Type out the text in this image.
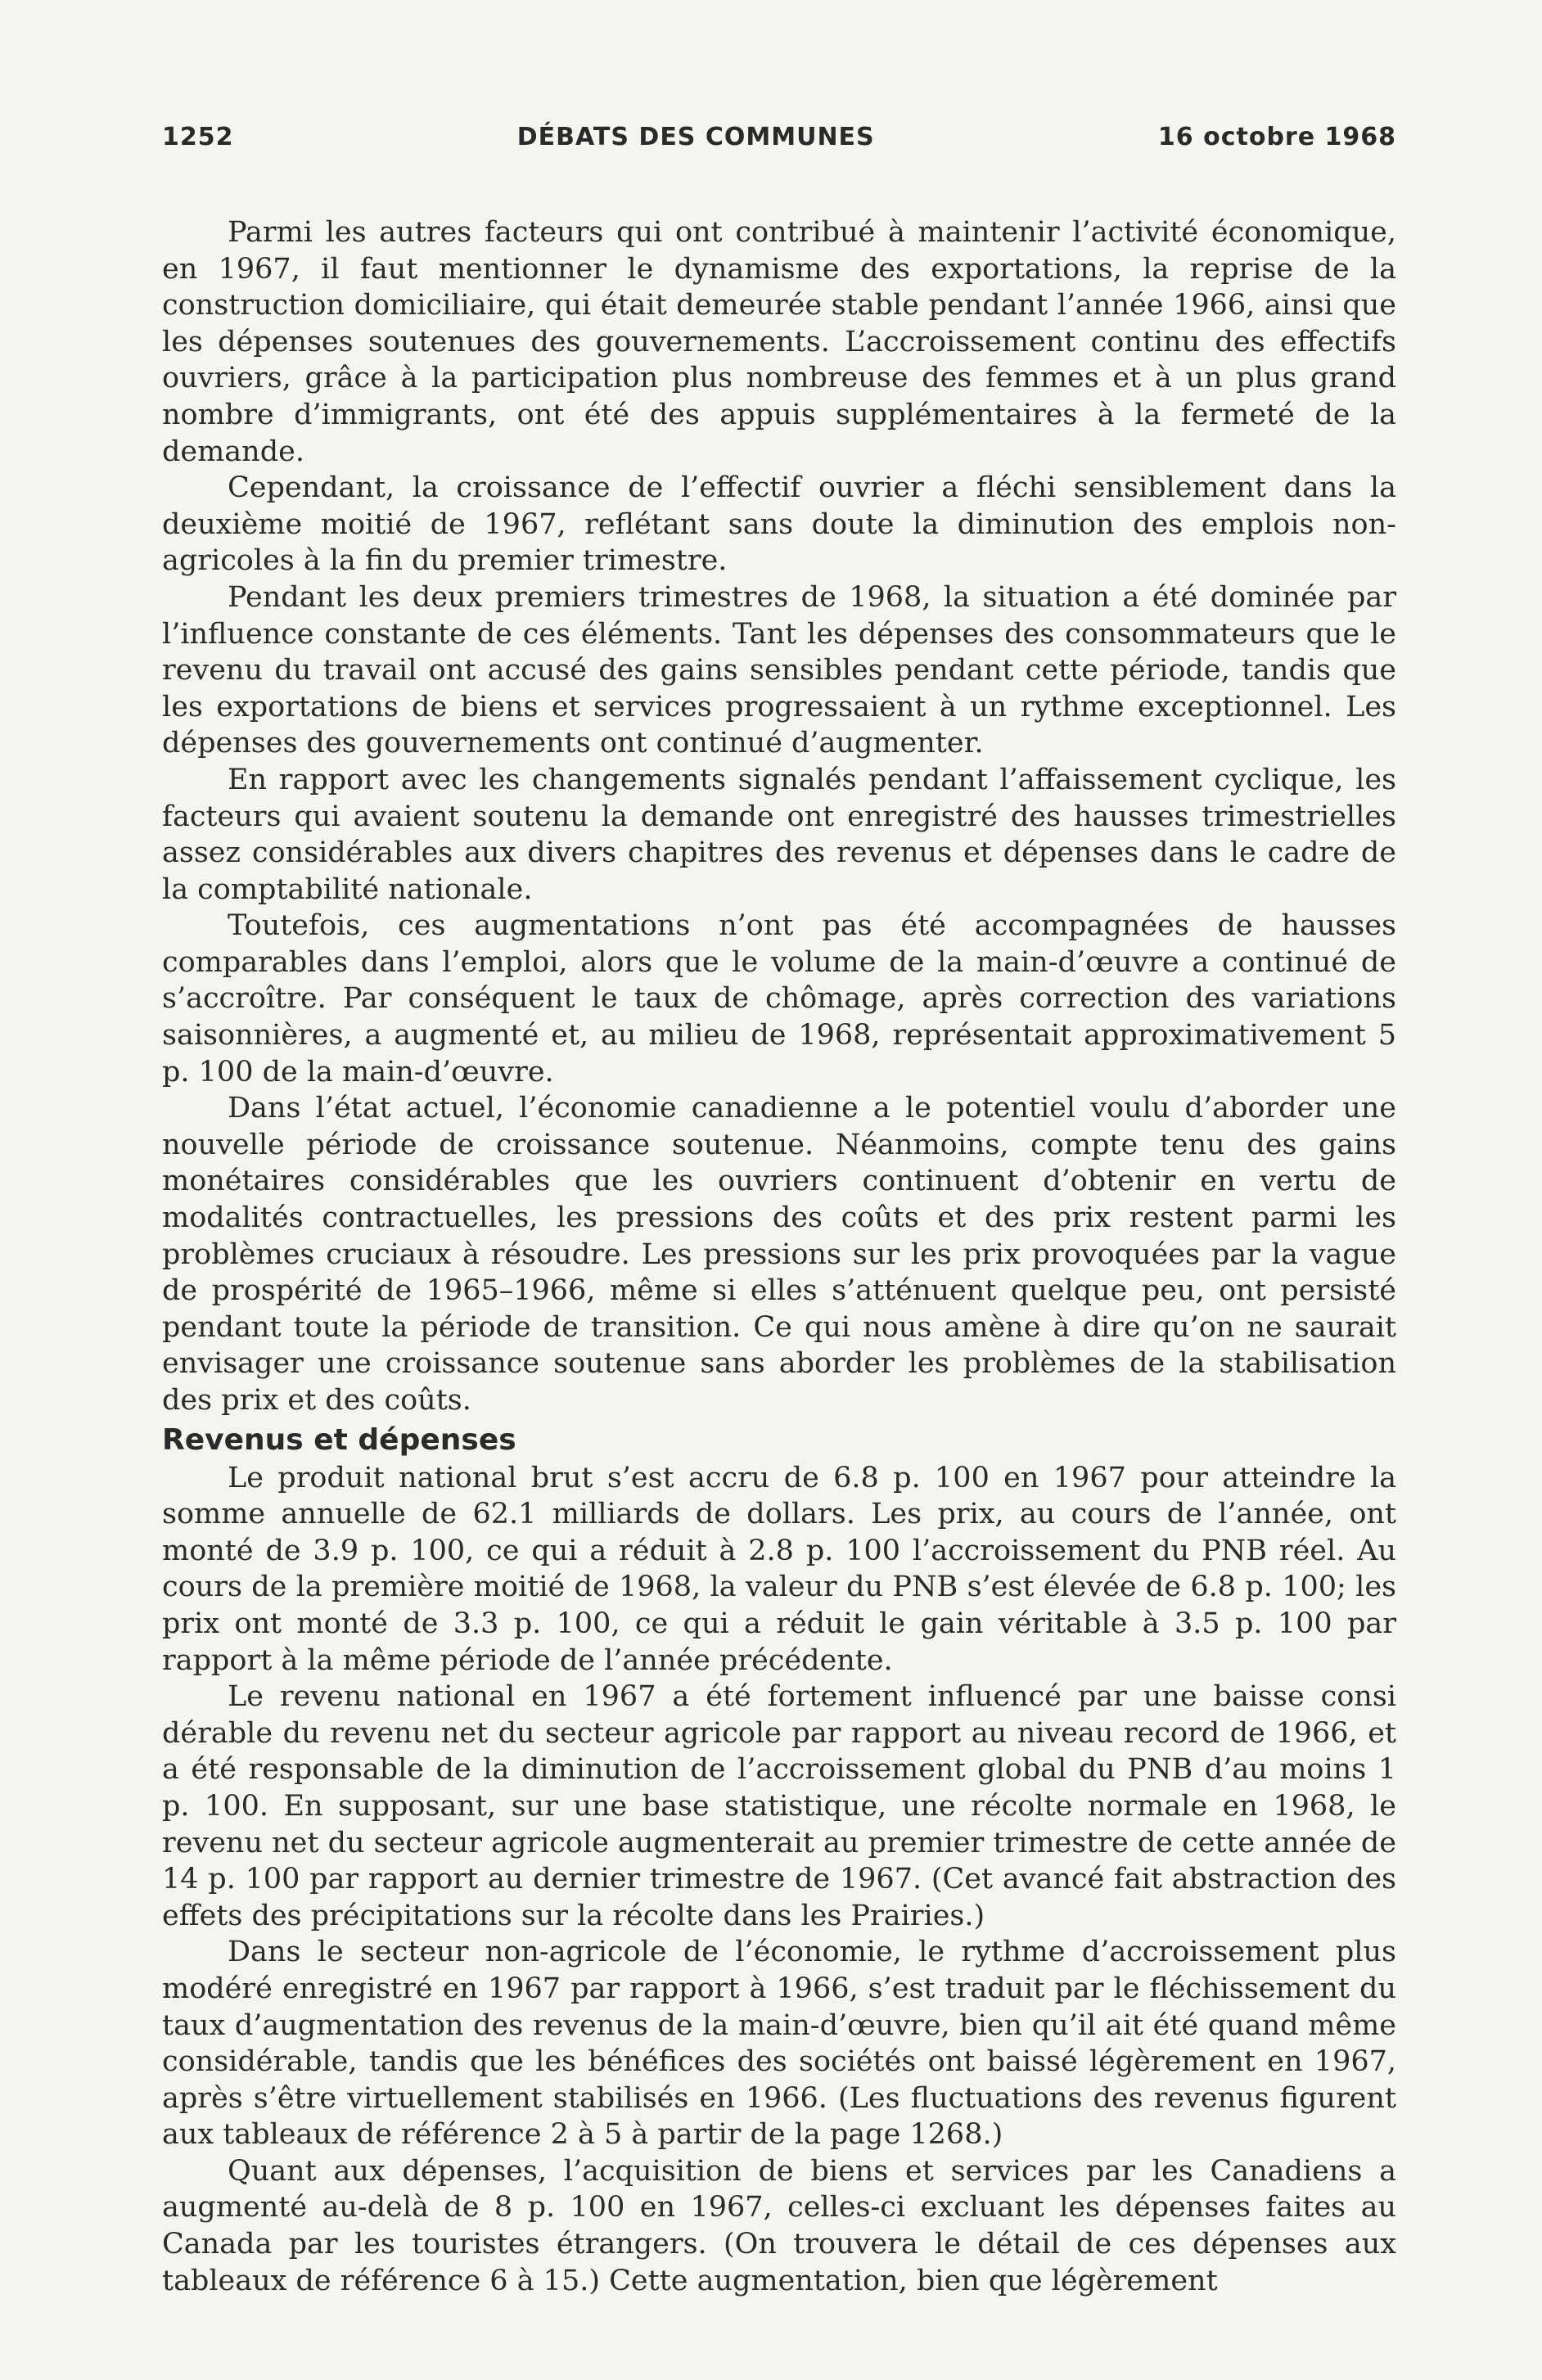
1252	DÉBATS DES COMMUNES	16 octobre 1968

Parmi les autres facteurs qui ont contribué à maintenir l’activité économique, en 1967, il faut mentionner le dynamisme des exportations, la reprise de la construction domiciliaire, qui était demeurée stable pendant l’année 1966, ainsi que les dépenses soutenues des gouvernements. L’accroissement continu des effectifs ouvriers, grâce à la participation plus nombreuse des femmes et à un plus grand nombre d’immigrants, ont été des appuis supplémentaires à la fermeté de la demande.

Cependant, la croissance de l’effectif ouvrier a fléchi sensiblement dans la deuxième moitié de 1967, reflétant sans doute la diminution des emplois non-agricoles à la fin du premier trimestre.

Pendant les deux premiers trimestres de 1968, la situation a été dominée par l’influence constante de ces éléments. Tant les dépenses des consommateurs que le revenu du travail ont accusé des gains sensibles pendant cette période, tandis que les exportations de biens et services progressaient à un rythme exceptionnel. Les dépenses des gouvernements ont continué d’augmenter.

En rapport avec les changements signalés pendant l’affaissement cyclique, les facteurs qui avaient soutenu la demande ont enregistré des hausses trimestrielles assez considérables aux divers chapitres des revenus et dépenses dans le cadre de la comptabilité nationale.

Toutefois, ces augmentations n’ont pas été accompagnées de hausses comparables dans l’emploi, alors que le volume de la main-d’œuvre a continué de s’accroître. Par conséquent le taux de chômage, après correction des variations saisonnières, a augmenté et, au milieu de 1968, représentait approximativement 5 p. 100 de la main-d’œuvre.

Dans l’état actuel, l’économie canadienne a le potentiel voulu d’aborder une nouvelle période de croissance soutenue. Néanmoins, compte tenu des gains monétaires considérables que les ouvriers continuent d’obtenir en vertu de modalités contractuelles, les pressions des coûts et des prix restent parmi les problèmes cruciaux à résoudre. Les pressions sur les prix provoquées par la vague de prospérité de 1965–1966, même si elles s’atténuent quelque peu, ont persisté pendant toute la période de transition. Ce qui nous amène à dire qu’on ne saurait envisager une croissance soutenue sans aborder les problèmes de la stabilisation des prix et des coûts.

Revenus et dépenses

Le produit national brut s’est accru de 6.8 p. 100 en 1967 pour atteindre la somme annuelle de 62.1 milliards de dollars. Les prix, au cours de l’année, ont monté de 3.9 p. 100, ce qui a réduit à 2.8 p. 100 l’accroissement du PNB réel. Au cours de la première moitié de 1968, la valeur du PNB s’est élevée de 6.8 p. 100; les prix ont monté de 3.3 p. 100, ce qui a réduit le gain véritable à 3.5 p. 100 par rapport à la même période de l’année précédente.

Le revenu national en 1967 a été fortement influencé par une baisse consi dérable du revenu net du secteur agricole par rapport au niveau record de 1966, et a été responsable de la diminution de l’accroissement global du PNB d’au moins 1 p. 100. En supposant, sur une base statistique, une récolte normale en 1968, le revenu net du secteur agricole augmenterait au premier trimestre de cette année de 14 p. 100 par rapport au dernier trimestre de 1967. (Cet avancé fait abstraction des effets des précipitations sur la récolte dans les Prairies.)

Dans le secteur non-agricole de l’économie, le rythme d’accroissement plus modéré enregistré en 1967 par rapport à 1966, s’est traduit par le fléchissement du taux d’augmentation des revenus de la main-d’œuvre, bien qu’il ait été quand même considérable, tandis que les bénéfices des sociétés ont baissé légèrement en 1967, après s’être virtuellement stabilisés en 1966. (Les fluctuations des revenus figurent aux tableaux de référence 2 à 5 à partir de la page 1268.)

Quant aux dépenses, l’acquisition de biens et services par les Canadiens a augmenté au-delà de 8 p. 100 en 1967, celles-ci excluant les dépenses faites au Canada par les touristes étrangers. (On trouvera le détail de ces dépenses aux tableaux de référence 6 à 15.) Cette augmentation, bien que légèrement
